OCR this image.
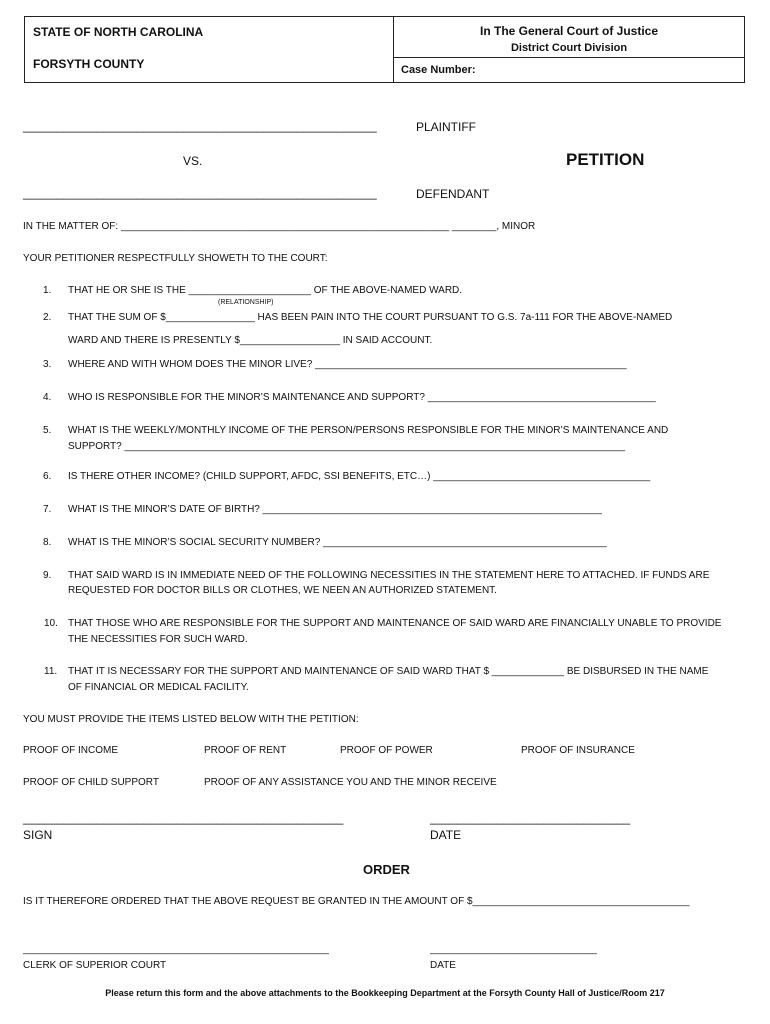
STATE OF NORTH CAROLINA
FORSYTH COUNTY
In The General Court of Justice
District Court Division
Case Number:
_____________________________________________________	PLAINTIFF
VS.	PETITION
_____________________________________________________	DEFENDANT
IN THE MATTER OF: ___________________________________________________________ ________, MINOR
YOUR PETITIONER RESPECTFULLY SHOWETH TO THE COURT:
1. THAT HE OR SHE IS THE ______________________ OF THE ABOVE-NAMED WARD.
(RELATIONSHIP)
2. THAT THE SUM OF $________________ HAS BEEN PAIN INTO THE COURT PURSUANT TO G.S. 7a-111 FOR THE ABOVE-NAMED
WARD AND THERE IS PRESENTLY $__________________ IN SAID ACCOUNT.
3. WHERE AND WITH WHOM DOES THE MINOR LIVE? ________________________________________________________
4. WHO IS RESPONSIBLE FOR THE MINOR’S MAINTENANCE AND SUPPORT? _________________________________________
5. WHAT IS THE WEEKLY/MONTHLY INCOME OF THE PERSON/PERSONS RESPONSIBLE FOR THE MINOR’S MAINTENANCE AND
SUPPORT? __________________________________________________________________________________________
6. IS THERE OTHER INCOME? (CHILD SUPPORT, AFDC, SSI BENEFITS, ETC…) _______________________________________
7. WHAT IS THE MINOR’S DATE OF BIRTH? _____________________________________________________________
8. WHAT IS THE MINOR’S SOCIAL SECURITY NUMBER? ___________________________________________________
9. THAT SAID WARD IS IN IMMEDIATE NEED OF THE FOLLOWING NECESSITIES IN THE STATEMENT HERE TO ATTACHED. IF FUNDS ARE
REQUESTED FOR DOCTOR BILLS OR CLOTHES, WE NEEN AN AUTHORIZED STATEMENT.
10. THAT THOSE WHO ARE RESPONSIBLE FOR THE SUPPORT AND MAINTENANCE OF SAID WARD ARE FINANCIALLY UNABLE TO PROVIDE
THE NECESSITIES FOR SUCH WARD.
11. THAT IT IS NECESSARY FOR THE SUPPORT AND MAINTENANCE OF SAID WARD THAT $ _____________ BE DISBURSED IN THE NAME
OF FINANCIAL OR MEDICAL FACILITY.
YOU MUST PROVIDE THE ITEMS LISTED BELOW WITH THE PETITION:
PROOF OF INCOME	PROOF OF RENT	PROOF OF POWER	PROOF OF INSURANCE
PROOF OF CHILD SUPPORT	PROOF OF ANY ASSISTANCE YOU AND THE MINOR RECEIVE
________________________________________________
SIGN
______________________________
DATE
ORDER
IS IT THEREFORE ORDERED THAT THE ABOVE REQUEST BE GRANTED IN THE AMOUNT OF $_______________________________________
_______________________________________________________
CLERK OF SUPERIOR COURT
______________________________
DATE
Please return this form and the above attachments to the Bookkeeping Department at the Forsyth County Hall of Justice/Room 217
